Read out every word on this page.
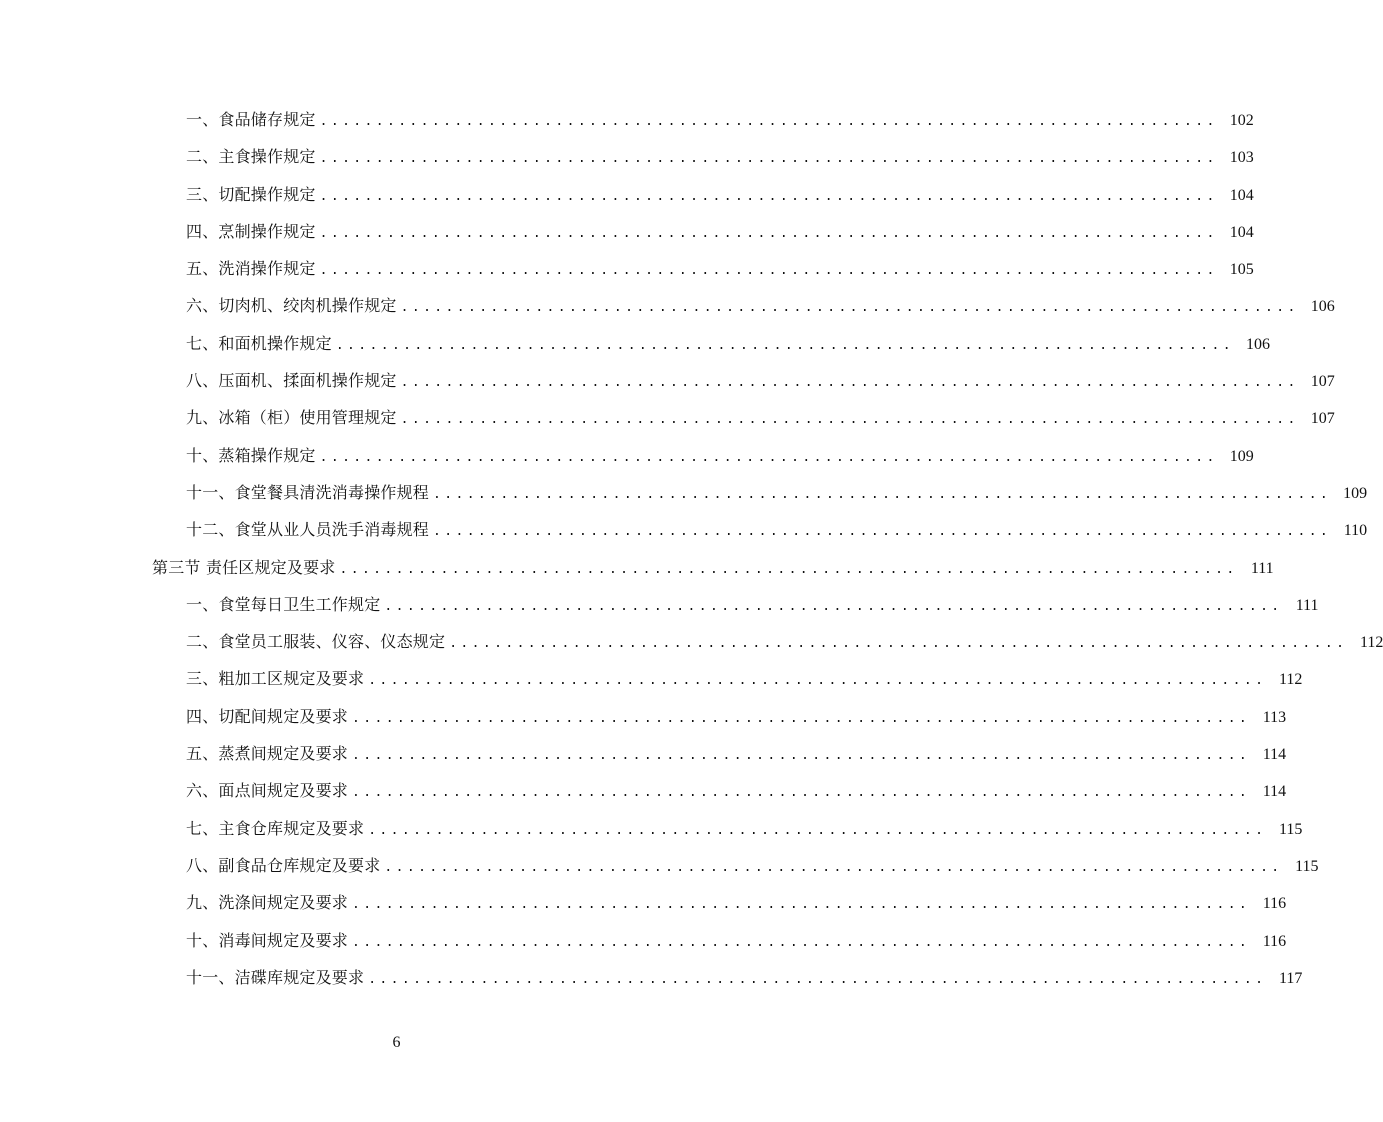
一、食品储存规定 ................................................................................ 102
二、主食操作规定 ................................................................................ 103
三、切配操作规定 ................................................................................ 104
四、烹制操作规定 ................................................................................ 104
五、洗消操作规定 ................................................................................ 105
六、切肉机、绞肉机操作规定 ................................................................................ 106
七、和面机操作规定 ................................................................................ 106
八、压面机、揉面机操作规定 ................................................................................ 107
九、冰箱（柜）使用管理规定 ................................................................................ 107
十、蒸箱操作规定 ................................................................................ 109
十一、食堂餐具清洗消毒操作规程 ................................................................................ 109
十二、食堂从业人员洗手消毒规程 ................................................................................ 110
第三节 责任区规定及要求 ................................................................................ 111
一、食堂每日卫生工作规定 ................................................................................ 111
二、食堂员工服装、仪容、仪态规定 ................................................................................ 112
三、粗加工区规定及要求 ................................................................................ 112
四、切配间规定及要求 ................................................................................ 113
五、蒸煮间规定及要求 ................................................................................ 114
六、面点间规定及要求 ................................................................................ 114
七、主食仓库规定及要求 ................................................................................ 115
八、副食品仓库规定及要求 ................................................................................ 115
九、洗涤间规定及要求 ................................................................................ 116
十、消毒间规定及要求 ................................................................................ 116
十一、洁碟库规定及要求 ................................................................................ 117
6
